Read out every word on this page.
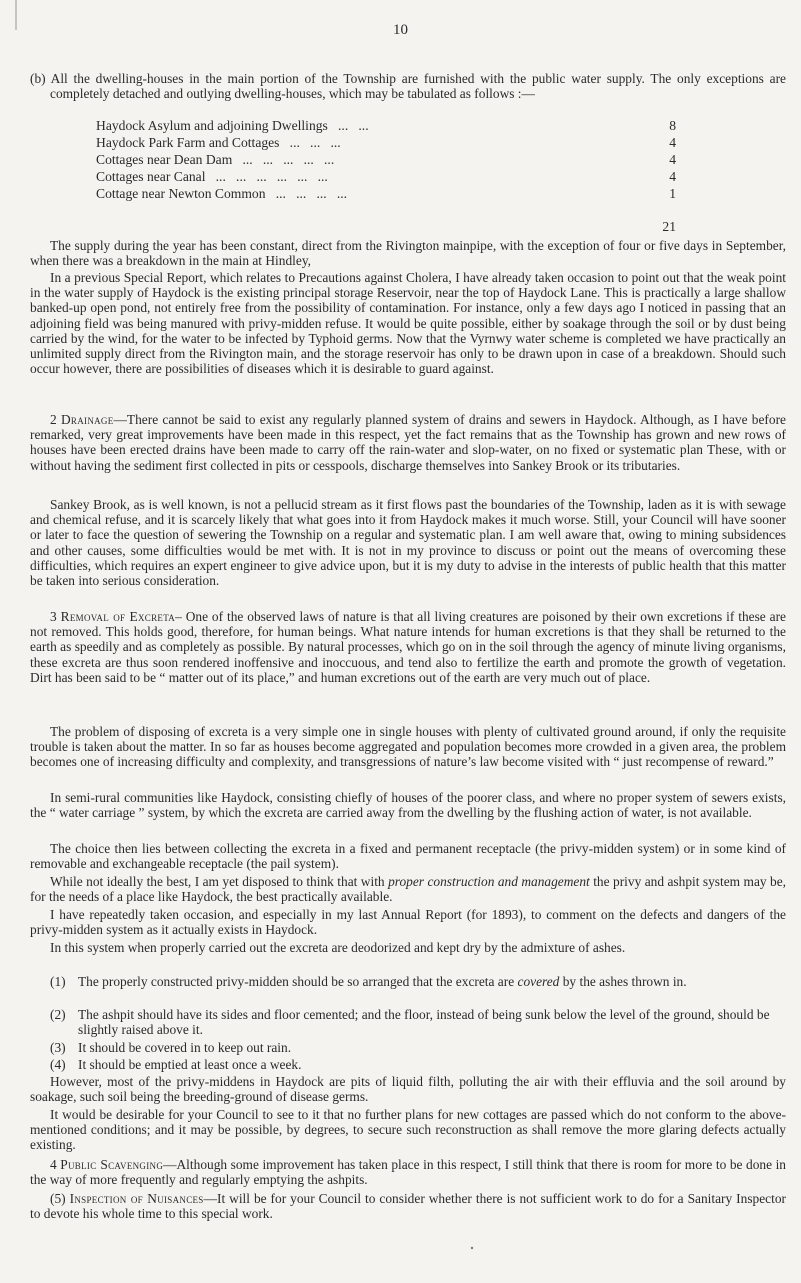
10

(b) All the dwelling-houses in the main portion of the Township are furnished with the public water supply. The only exceptions are completely detached and outlying dwelling-houses, which may be tabulated as follows :—

Haydock Asylum and adjoining Dwellings   ...   ...	8
Haydock Park Farm and Cottages   ...   ...   ...	4
Cottages near Dean Dam   ...   ...   ...   ...   ...	4
Cottages near Canal   ...   ...   ...   ...   ...   ...	4
Cottage near Newton Common   ...   ...   ...   ...	1
21

The supply during the year has been constant, direct from the Rivington mainpipe, with the exception of four or five days in September, when there was a breakdown in the main at Hindley,

In a previous Special Report, which relates to Precautions against Cholera, I have already taken occasion to point out that the weak point in the water supply of Haydock is the existing principal storage Reservoir, near the top of Haydock Lane. This is practically a large shallow banked-up open pond, not entirely free from the possibility of contamination. For instance, only a few days ago I noticed in passing that an adjoining field was being manured with privy-midden refuse. It would be quite possible, either by soakage through the soil or by dust being carried by the wind, for the water to be infected by Typhoid germs. Now that the Vyrnwy water scheme is completed we have practically an unlimited supply direct from the Rivington main, and the storage reservoir has only to be drawn upon in case of a breakdown. Should such occur however, there are possibilities of diseases which it is desirable to guard against.

2 Drainage—There cannot be said to exist any regularly planned system of drains and sewers in Haydock. Although, as I have before remarked, very great improvements have been made in this respect, yet the fact remains that as the Township has grown and new rows of houses have been erected drains have been made to carry off the rain-water and slop-water, on no fixed or systematic plan These, with or without having the sediment first collected in pits or cesspools, discharge themselves into Sankey Brook or its tributaries.

Sankey Brook, as is well known, is not a pellucid stream as it first flows past the boundaries of the Township, laden as it is with sewage and chemical refuse, and it is scarcely likely that what goes into it from Haydock makes it much worse. Still, your Council will have sooner or later to face the question of sewering the Township on a regular and systematic plan. I am well aware that, owing to mining subsidences and other causes, some difficulties would be met with. It is not in my province to discuss or point out the means of overcoming these difficulties, which requires an expert engineer to give advice upon, but it is my duty to advise in the interests of public health that this matter be taken into serious consideration.

3 Removal of Excreta– One of the observed laws of nature is that all living creatures are poisoned by their own excretions if these are not removed. This holds good, therefore, for human beings. What nature intends for human excretions is that they shall be returned to the earth as speedily and as completely as possible. By natural processes, which go on in the soil through the agency of minute living organisms, these excreta are thus soon rendered inoffensive and inoccuous, and tend also to fertilize the earth and promote the growth of vegetation. Dirt has been said to be “ matter out of its place,” and human excretions out of the earth are very much out of place.

The problem of disposing of excreta is a very simple one in single houses with plenty of cultivated ground around, if only the requisite trouble is taken about the matter. In so far as houses become aggregated and population becomes more crowded in a given area, the problem becomes one of increasing difficulty and complexity, and transgressions of nature’s law become visited with “ just recompense of reward.”

In semi-rural communities like Haydock, consisting chiefly of houses of the poorer class, and where no proper system of sewers exists, the “ water carriage ” system, by which the excreta are carried away from the dwelling by the flushing action of water, is not available.

The choice then lies between collecting the excreta in a fixed and permanent receptacle (the privy-midden system) or in some kind of removable and exchangeable receptacle (the pail system).

While not ideally the best, I am yet disposed to think that with proper construction and management the privy and ashpit system may be, for the needs of a place like Haydock, the best practically available.

I have repeatedly taken occasion, and especially in my last Annual Report (for 1893), to comment on the defects and dangers of the privy-midden system as it actually exists in Haydock.

In this system when properly carried out the excreta are deodorized and kept dry by the admixture of ashes.

(1) The properly constructed privy-midden should be so arranged that the excreta are covered by the ashes thrown in.
(2) The ashpit should have its sides and floor cemented; and the floor, instead of being sunk below the level of the ground, should be slightly raised above it.
(3) It should be covered in to keep out rain.
(4) It should be emptied at least once a week.

However, most of the privy-middens in Haydock are pits of liquid filth, polluting the air with their effluvia and the soil around by soakage, such soil being the breeding-ground of disease germs.

It would be desirable for your Council to see to it that no further plans for new cottages are passed which do not conform to the above-mentioned conditions; and it may be possible, by degrees, to secure such reconstruction as shall remove the more glaring defects actually existing.

4 Public Scavenging—Although some improvement has taken place in this respect, I still think that there is room for more to be done in the way of more frequently and regularly emptying the ashpits.

(5) Inspection of Nuisances—It will be for your Council to consider whether there is not sufficient work to do for a Sanitary Inspector to devote his whole time to this special work.
